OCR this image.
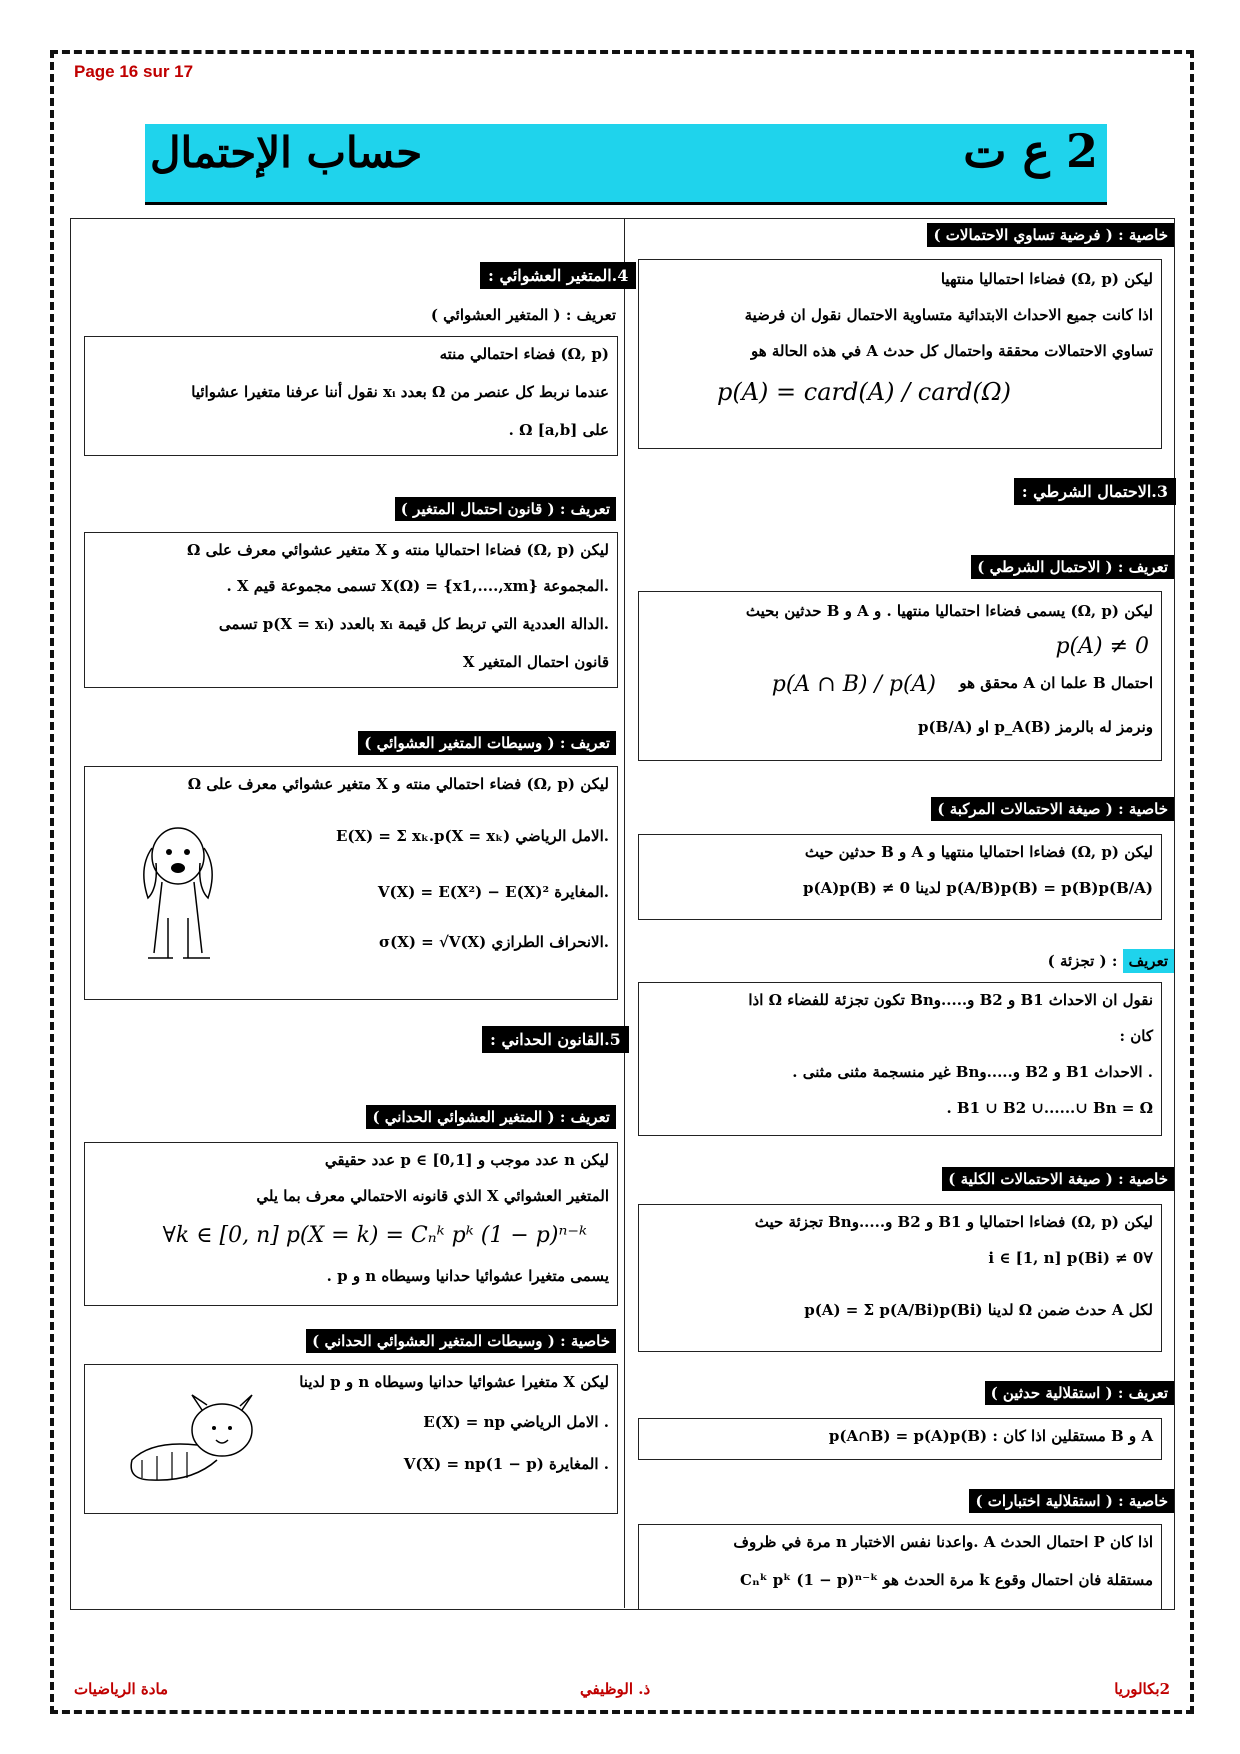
Page 16 sur 17
حساب الإحتمال	2 ع ت
خاصية : ( فرضية تساوي الاحتمالات )
ليكن (Ω, p) فضاءا احتماليا منتهيا
اذا كانت جميع الاحداث الابتدائية متساوية الاحتمال نقول ان فرضية
تساوي الاحتمالات محققة واحتمال كل حدث A في هذه الحالة هو
p(A) = card(A) / card(Ω)
3.الاحتمال الشرطي :
تعريف : ( الاحتمال الشرطي )
ليكن (Ω, p) يسمى فضاءا احتماليا منتهيا . و A و B حدثين بحيث
p(A) ≠ 0
احتمال B علما ان A محقق هو
p(A ∩ B) / p(A)
ونرمز له بالرمز p_A(B) او p(B/A)
خاصية : ( صيغة الاحتمالات المركبة )
ليكن (Ω, p) فضاءا احتماليا منتهيا و A و B حدثين حيث
p(A/B)p(B) = p(B)p(B/A) لدينا p(A)p(B) ≠ 0
تعريف : ( تجزئة )
نقول ان الاحداث B1 و B2 و.....وBn تكون تجزئة للفضاء Ω اذا
كان :
. الاحداث B1 و B2 و.....وBn غير منسجمة مثنى مثنى .
B1 ∪ B2 ∪......∪ Bn = Ω .
خاصية : ( صيغة الاحتمالات الكلية )
ليكن (Ω, p) فضاءا احتماليا و B1 و B2 و.....وBn تجزئة حيث
∀i ∈ [1, n] p(Bi) ≠ 0
لكل A حدث ضمن Ω لدينا p(A) = Σ p(A/Bi)p(Bi)
تعريف : ( استقلالية حدثين )
A و B مستقلين اذا كان : p(A∩B) = p(A)p(B)
خاصية : ( استقلالية اختبارات )
اذا كان P احتمال الحدث A .واعدنا نفس الاختبار n مرة في ظروف
مستقلة فان احتمال وقوع k مرة الحدث هو Cₙᵏ pᵏ (1 − p)ⁿ⁻ᵏ
4.المتغير العشوائي :
تعريف : ( المتغير العشوائي )
(Ω, p) فضاء احتمالي منته
عندما نربط كل عنصر من Ω بعدد xᵢ نقول أننا عرفنا متغيرا عشوائيا
على [a,b] Ω .
تعريف : ( قانون احتمال المتغير )
ليكن (Ω, p) فضاءا احتماليا منته و X متغير عشوائي معرف على Ω
.المجموعة X(Ω) = {x1,....,xm} تسمى مجموعة قيم X .
.الدالة العددية التي تربط كل قيمة xᵢ بالعدد p(X = xᵢ) تسمى
قانون احتمال المتغير X
تعريف : ( وسيطات المتغير العشوائي )
ليكن (Ω, p) فضاء احتمالي منته و X متغير عشوائي معرف على Ω
.الامل الرياضي E(X) = Σ xₖ.p(X = xₖ)
.المغايرة V(X) = E(X²) − E(X)²
.الانحراف الطرازي σ(X) = √V(X)
5.القانون الحداني :
تعريف : ( المتغير العشوائي الحداني )
ليكن n عدد موجب و p ∈ [0,1] عدد حقيقي
المتغير العشوائي X الذي قانونه الاحتمالي معرف بما يلي
∀k ∈ [0, n] p(X = k) = Cₙᵏ pᵏ (1 − p)ⁿ⁻ᵏ
يسمى متغيرا عشوائيا حدانيا وسيطاه n و p .
خاصية : ( وسيطات المتغير العشوائي الحداني )
ليكن X متغيرا عشوائيا حدانيا وسيطاه n و p لدينا
. الامل الرياضي E(X) = np
. المغايرة V(X) = np(1 − p)
مادة الرياضيات	ذ. الوظيفي	2بكالوريا
